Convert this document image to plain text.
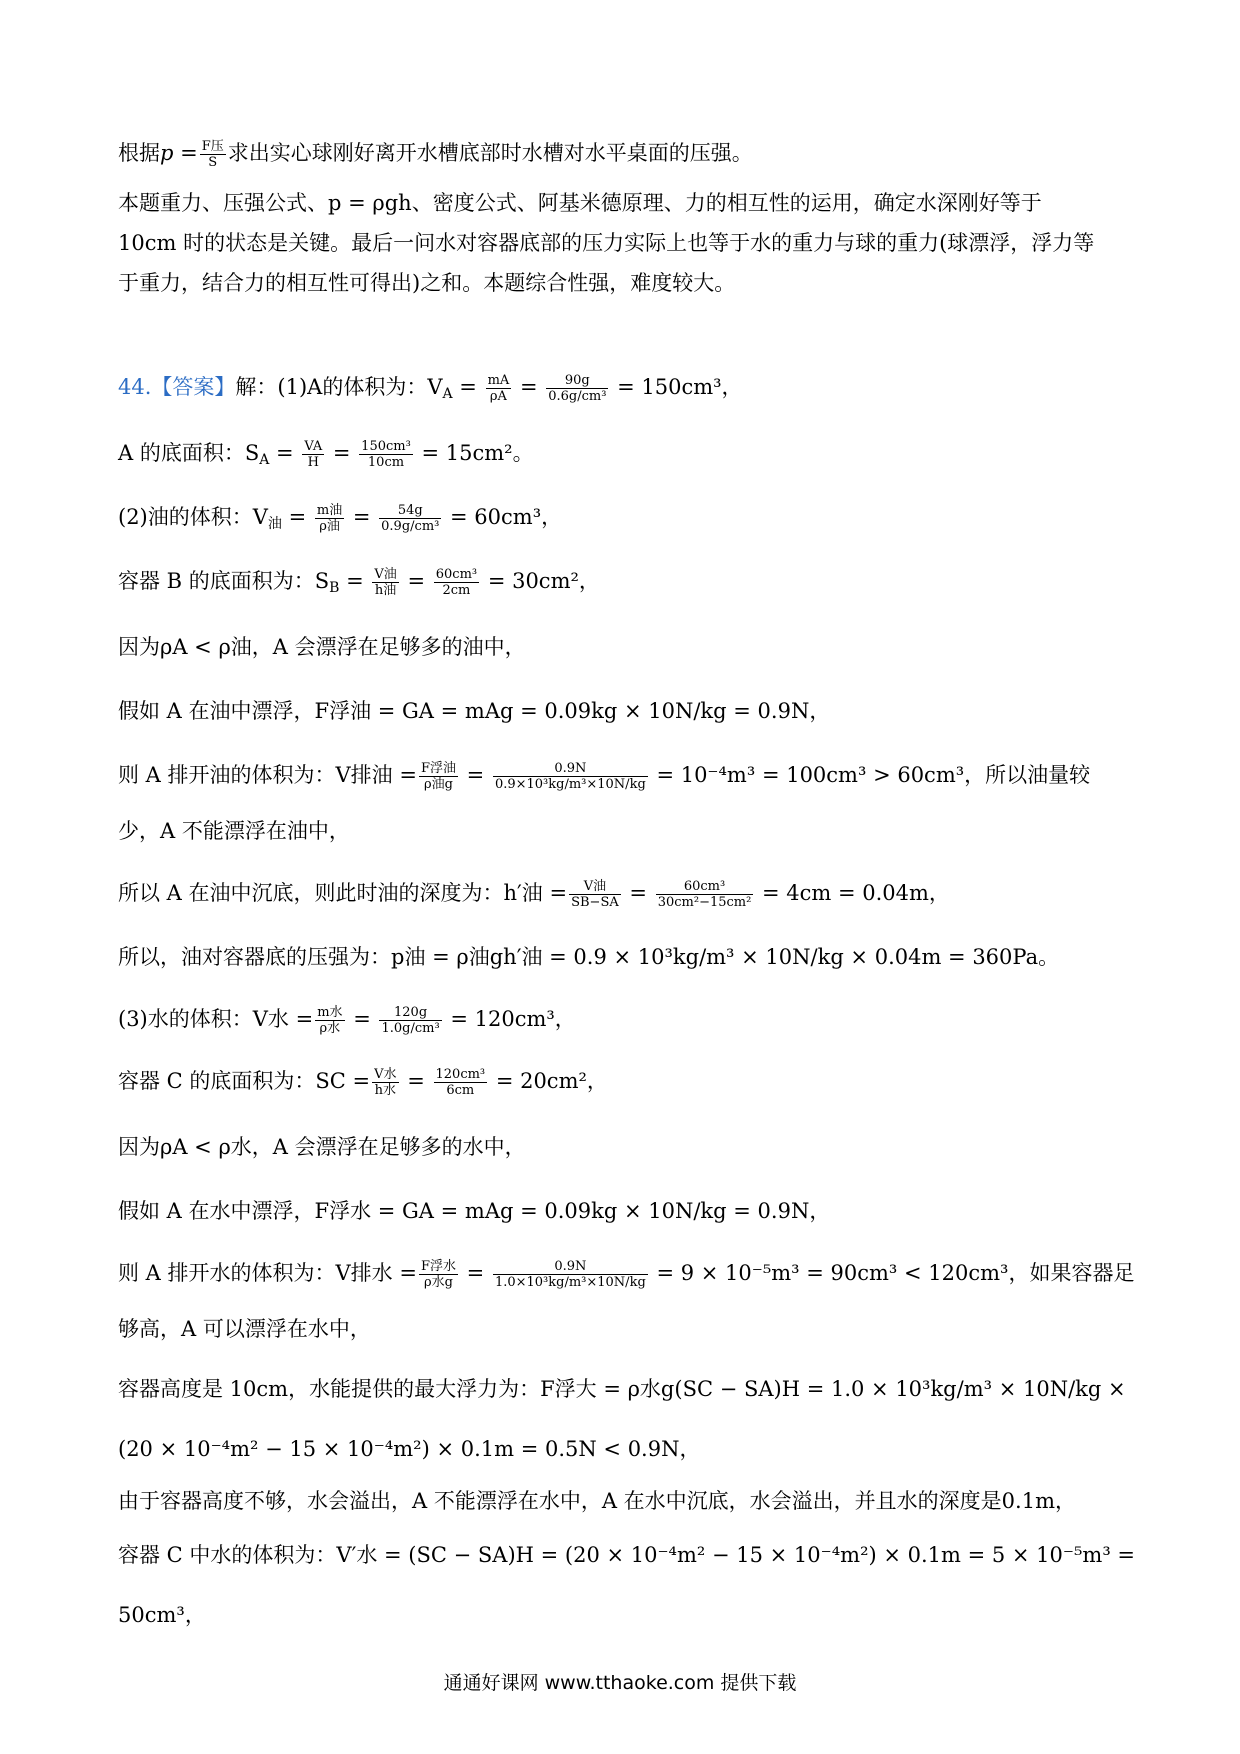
根据$p = \frac{\text{F压}}{S}$ 求出实心球刚好离开水槽底部时水槽对水平桌面的压强。
本题重力、压强公式、p = ρgh、密度公式、阿基米德原理、力的相互性的运用，确定水深刚好等于
10cm 时的状态是关键。最后一问水对容器底部的压力实际上也等于水的重力与球的重力(球漂浮，浮力等
于重力，结合力的相互性可得出)之和。本题综合性强，难度较大。
44.【答案】解：(1)A的体积为：$V_A = \frac{mA}{\rho A} = \frac{90g}{\text{0.6g/cm³}} = 150cm^3$，
A 的底面积：$S_A = \frac{VA}{H} = \frac{\text{150cm³}}{10cm} = 15cm^2$。
(2)油的体积：$V_油 = \frac{\text{m油}}{\text{ρ油}} = \frac{54g}{\text{0.9g/cm³}} = 60cm^3$，
容器 B 的底面积为：$S_B = \frac{\text{V油}}{\text{h油}} = \frac{\text{60cm³}}{2cm} = 30cm^2$，
因为ρA < ρ油，A 会漂浮在足够多的油中，
假如 A 在油中漂浮，F浮油 = GA = mAg = 0.09kg × 10N/kg = 0.9N，
则 A 排开油的体积为：V排油 = $\frac{\text{F浮油}}{\text{ρ油g}} = \frac{0.9N}{\text{0.9×10³kg/m³×10N/kg}} = 10^{-4}m^3 = 100cm^3 > 60cm^3$，所以油量较
少，A 不能漂浮在油中，
所以 A 在油中沉底，则此时油的深度为：h′油 = $\frac{\text{V油}}{SB-SA} = \frac{\text{60cm³}}{\text{30cm²−15cm²}} = 4cm = 0.04m$，
所以，油对容器底的压强为：p油 = ρ油gh′油 = 0.9 × 10³kg/m³ × 10N/kg × 0.04m = 360Pa。
(3)水的体积：V水 = $\frac{\text{m水}}{\text{ρ水}} = \frac{120g}{\text{1.0g/cm³}} = 120cm^3$，
容器 C 的底面积为：SC = $\frac{\text{V水}}{\text{h水}} = \frac{\text{120cm³}}{6cm} = 20cm^2$，
因为ρA < ρ水，A 会漂浮在足够多的水中，
假如 A 在水中漂浮，F浮水 = GA = mAg = 0.09kg × 10N/kg = 0.9N，
则 A 排开水的体积为：V排水 = $\frac{\text{F浮水}}{\text{ρ水g}} = \frac{0.9N}{\text{1.0×10³kg/m³×10N/kg}} = 9 \times 10^{-5}m^3 = 90cm^3 < 120cm^3$，如果容器足
够高，A 可以漂浮在水中，
容器高度是 10cm，水能提供的最大浮力为：F浮大 = ρ水g(SC − SA)H = 1.0 × 10³kg/m³ × 10N/kg ×
(20 × 10⁻⁴m² − 15 × 10⁻⁴m²) × 0.1m = 0.5N < 0.9N，
由于容器高度不够，水会溢出，A 不能漂浮在水中，A 在水中沉底，水会溢出，并且水的深度是0.1m，
容器 C 中水的体积为：V′水 = (SC − SA)H = (20 × 10⁻⁴m² − 15 × 10⁻⁴m²) × 0.1m = 5 × 10⁻⁵m³ =
50cm³，
通通好课网 www.tthaoke.com 提供下载
